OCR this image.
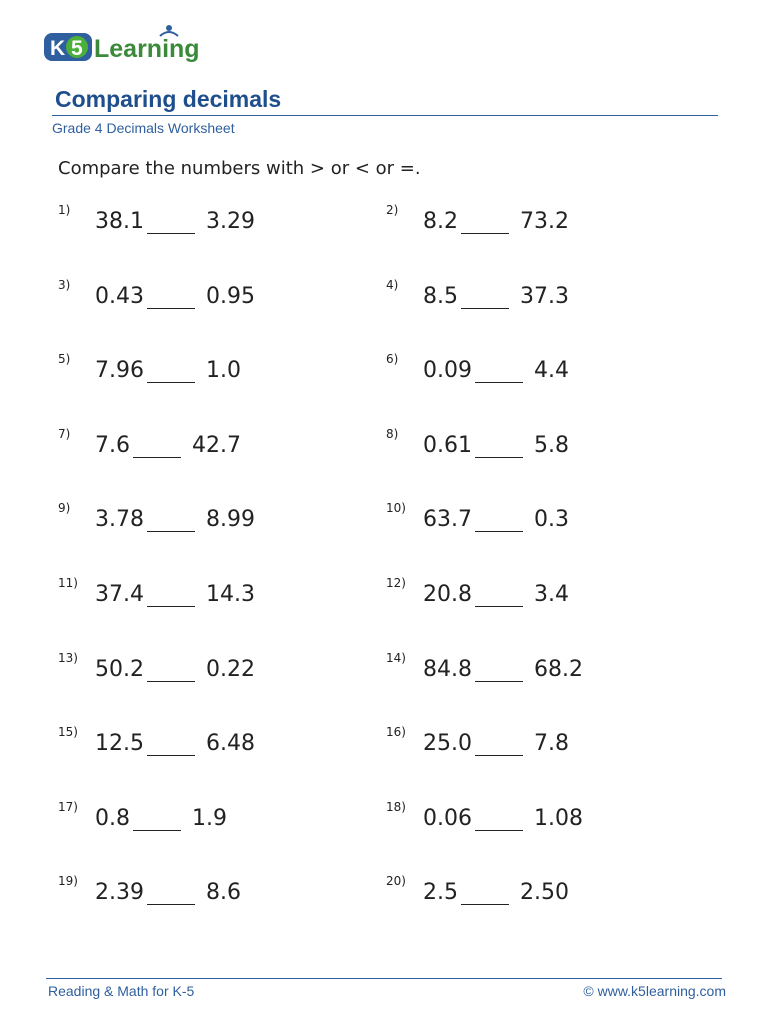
K 5 Learning
Comparing decimals
Grade 4 Decimals Worksheet
Compare the numbers with > or < or =.
1) 38.1	3.29	2) 8.2	73.2
3) 0.43	0.95	4) 8.5	37.3
5) 7.96	1.0	6) 0.09	4.4
7) 7.6	42.7	8) 0.61	5.8
9) 3.78	8.99	10) 63.7	0.3
11) 37.4	14.3	12) 20.8	3.4
13) 50.2	0.22	14) 84.8	68.2
15) 12.5	6.48	16) 25.0	7.8
17) 0.8	1.9	18) 0.06	1.08
19) 2.39	8.6	20) 2.5	2.50
Reading & Math for K-5	© www.k5learning.com
